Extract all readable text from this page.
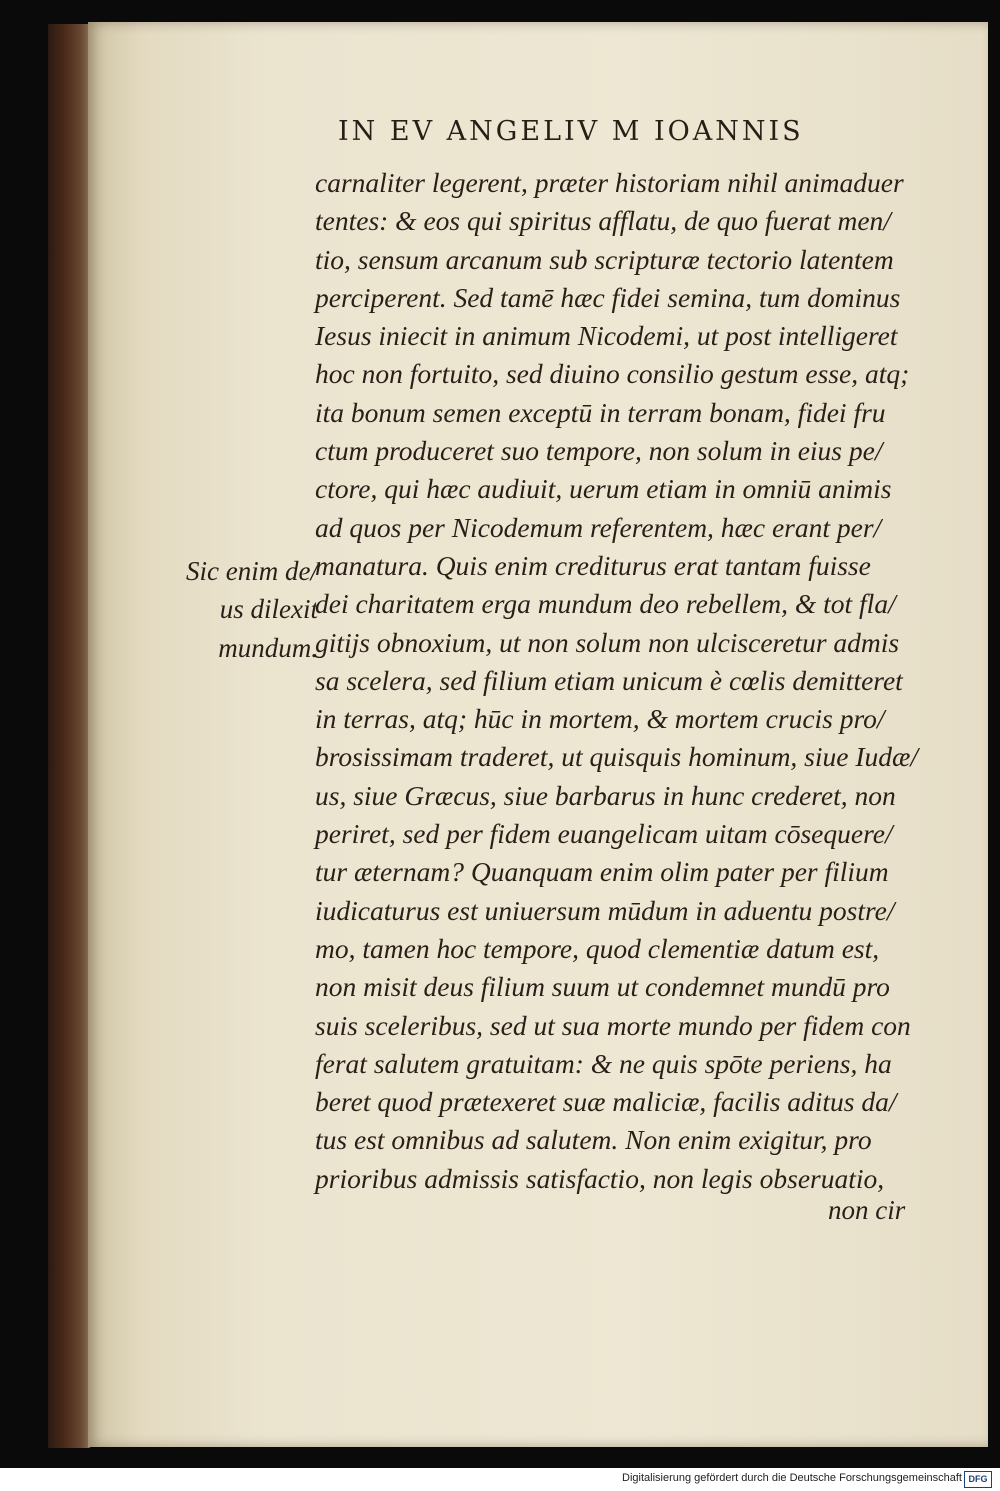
IN EV ANGELIV M IOANNIS
Sic enim de/
us dilexit
mundum.
carnaliter legerent, præter historiam nihil animaduer
tentes: & eos qui spiritus afflatu, de quo fuerat men/
tio, sensum arcanum sub scripturæ tectorio latentem
perciperent. Sed tamē hæc fidei semina, tum dominus
Iesus iniecit in animum Nicodemi, ut post intelligeret
hoc non fortuito, sed diuino consilio gestum esse, atq;
ita bonum semen exceptū in terram bonam, fidei fru
ctum produceret suo tempore, non solum in eius pe/
ctore, qui hæc audiuit, uerum etiam in omniū animis
ad quos per Nicodemum referentem, hæc erant per/
manatura. Quis enim crediturus erat tantam fuisse
dei charitatem erga mundum deo rebellem, & tot fla/
gitijs obnoxium, ut non solum non ulcisceretur admis
sa scelera, sed filium etiam unicum è cœlis demitteret
in terras, atq; hūc in mortem, & mortem crucis pro/
brosissimam traderet, ut quisquis hominum, siue Iudæ/
us, siue Græcus, siue barbarus in hunc crederet, non
periret, sed per fidem euangelicam uitam cōsequere/
tur æternam? Quanquam enim olim pater per filium
iudicaturus est uniuersum mūdum in aduentu postre/
mo, tamen hoc tempore, quod clementiæ datum est,
non misit deus filium suum ut condemnet mundū pro
suis sceleribus, sed ut sua morte mundo per fidem con
ferat salutem gratuitam: & ne quis spōte periens, ha
beret quod prætexeret suæ maliciæ, facilis aditus da/
tus est omnibus ad salutem. Non enim exigitur, pro
prioribus admissis satisfactio, non legis obseruatio,
non cir
Digitalisierung gefördert durch die Deutsche Forschungsgemeinschaft DFG
